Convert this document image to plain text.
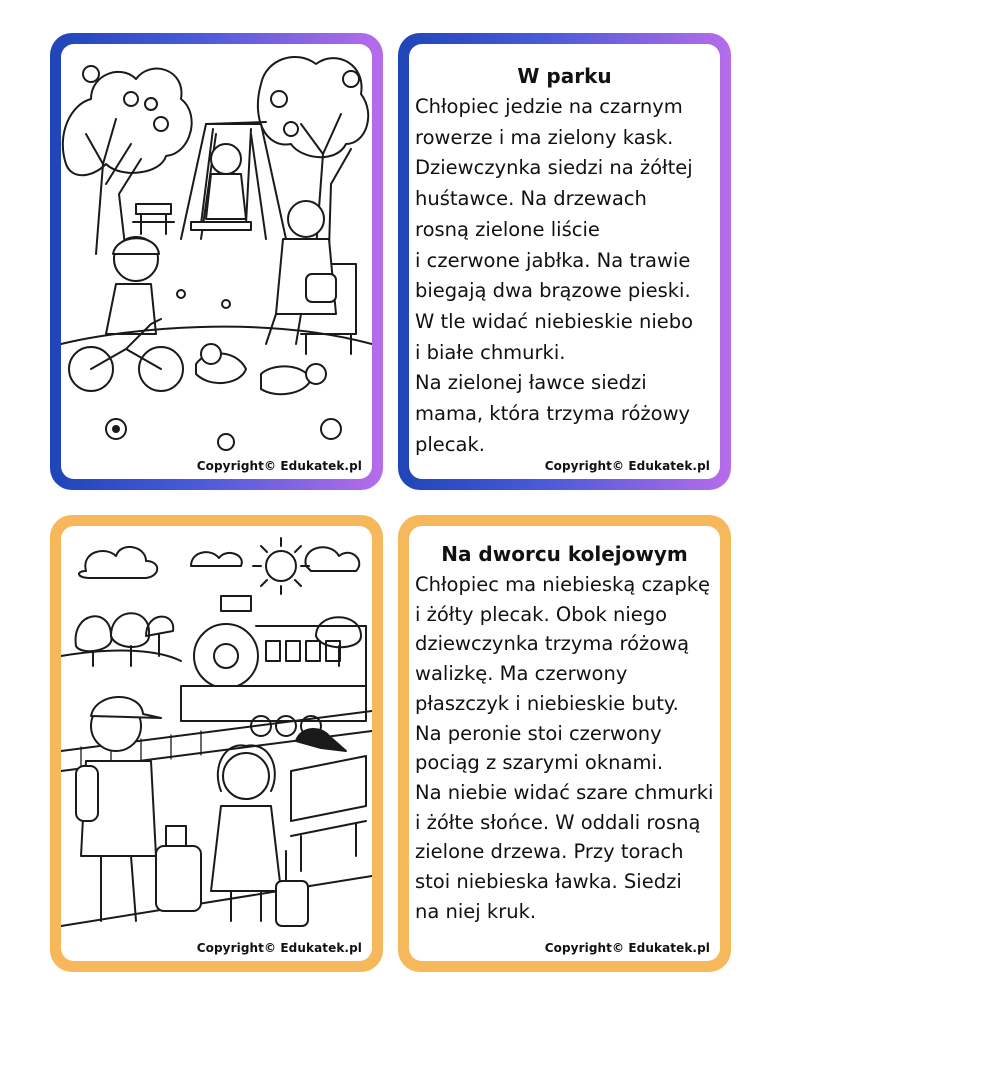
Copyright© Edukatek.pl
W parku
Chłopiec jedzie na czarnym
rowerze i ma zielony kask.
Dziewczynka siedzi na żółtej
huśtawce. Na drzewach
rosną zielone liście
i czerwone jabłka. Na trawie
biegają dwa brązowe pieski.
W tle widać niebieskie niebo
i białe chmurki.
Na zielonej ławce siedzi
mama, która trzyma różowy
plecak.
Copyright© Edukatek.pl
Copyright© Edukatek.pl
Na dworcu kolejowym
Chłopiec ma niebieską czapkę
i żółty plecak. Obok niego
dziewczynka trzyma różową
walizkę. Ma czerwony
płaszczyk i niebieskie buty.
Na peronie stoi czerwony
pociąg z szarymi oknami.
Na niebie widać szare chmurki
i żółte słońce. W oddali rosną
zielone drzewa. Przy torach
stoi niebieska ławka. Siedzi
na niej kruk.
Copyright© Edukatek.pl
